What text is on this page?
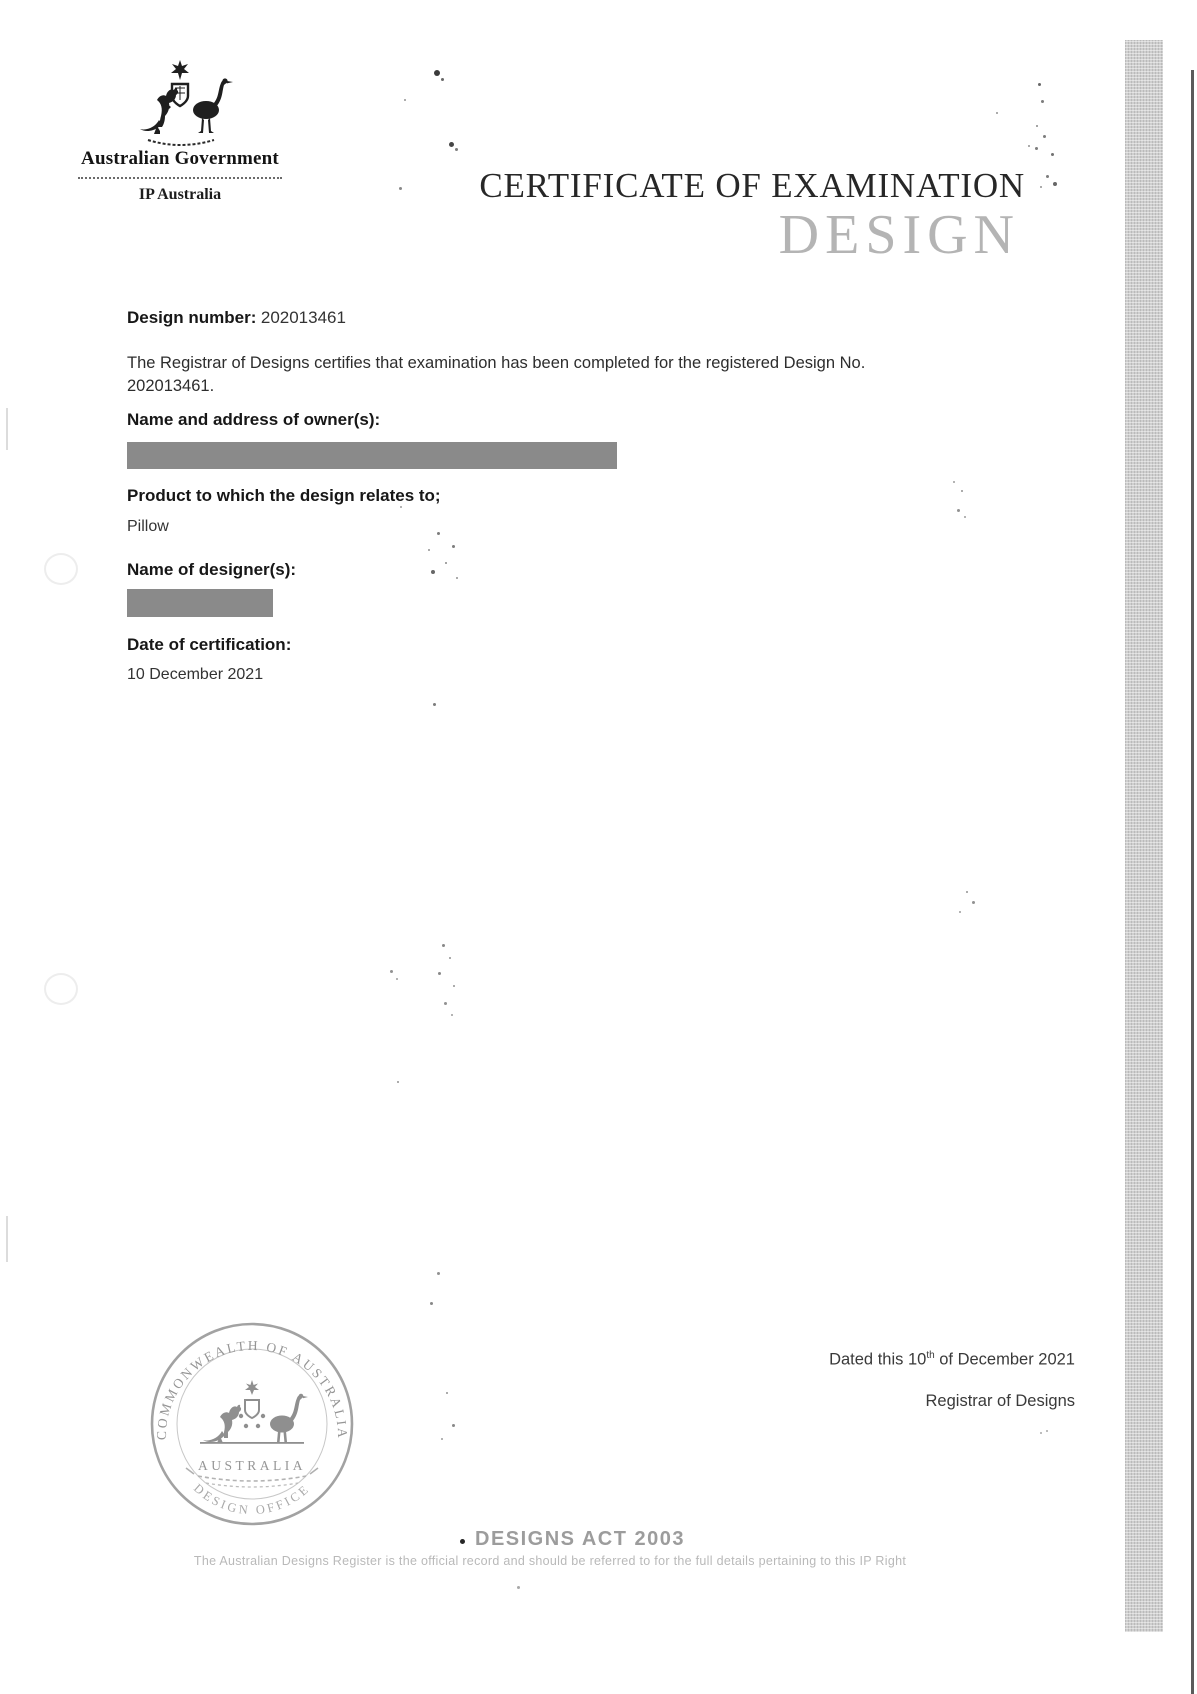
Australian Government
IP Australia	CERTIFICATE OF EXAMINATION
DESIGN
Design number: 202013461
The Registrar of Designs certifies that examination has been completed for the registered Design No. 202013461.
Name and address of owner(s):
Product to which the design relates to;
Pillow
Name of designer(s):
Date of certification:
10 December 2021
COMMONWEALTH OF AUSTRALIA
DESIGN OFFICE
AUSTRALIA
Dated this 10th of December 2021
Registrar of Designs
DESIGNS ACT 2003
The Australian Designs Register is the official record and should be referred to for the full details pertaining to this IP Right
